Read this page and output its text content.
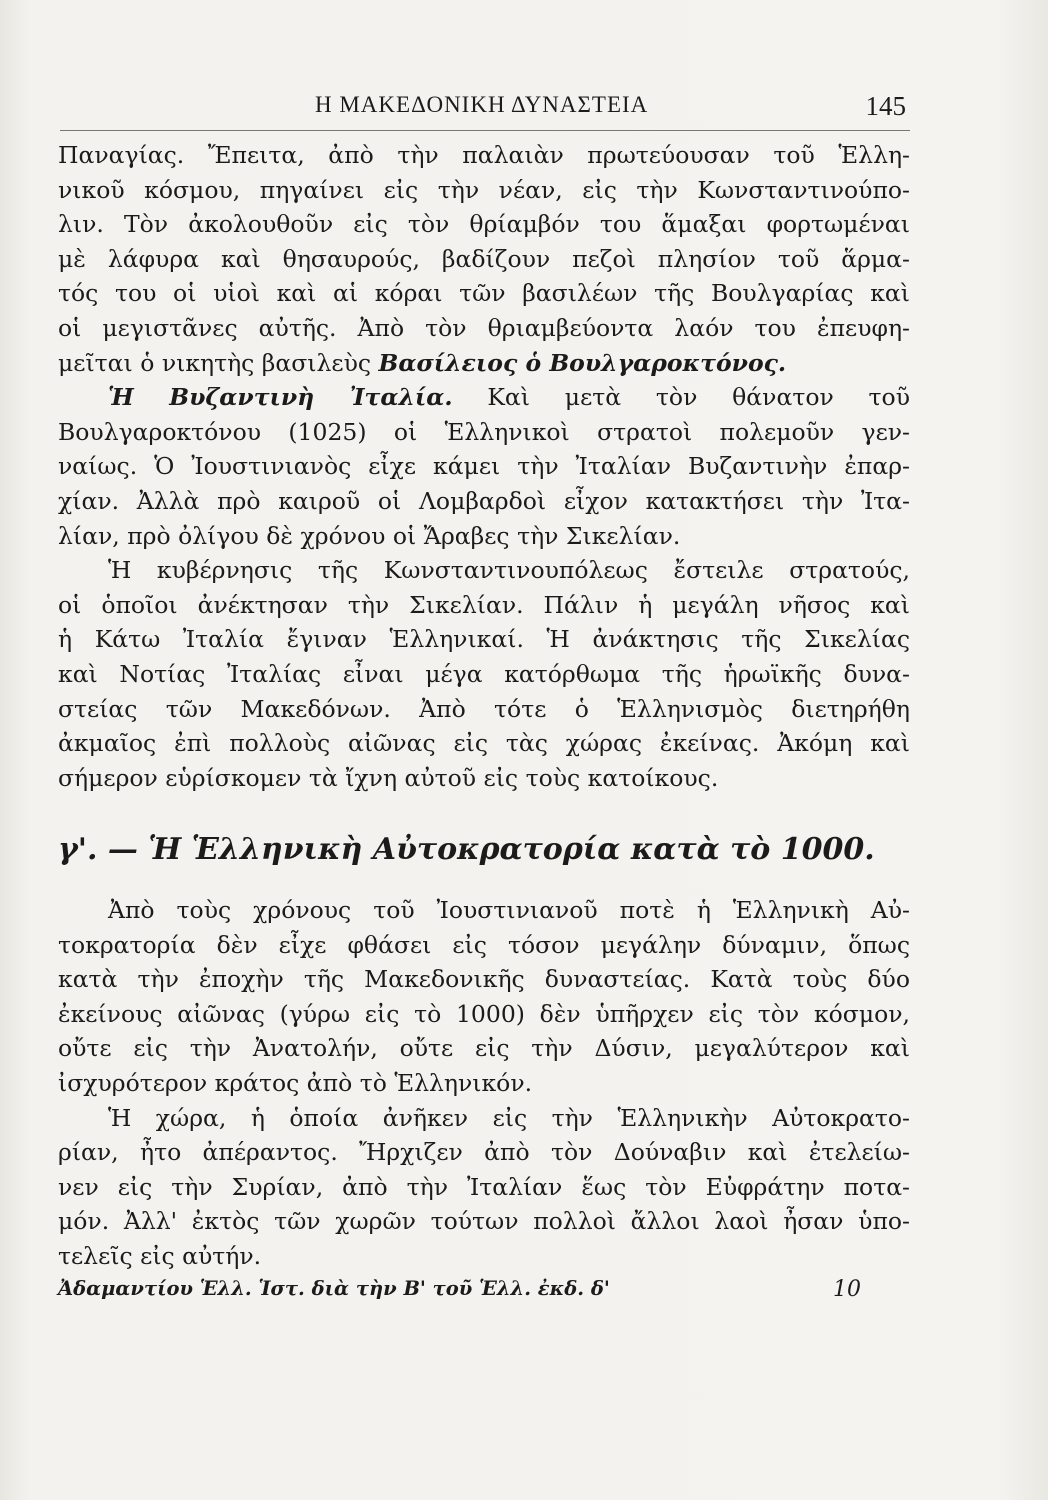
Η ΜΑΚΕΔΟΝΙΚΗ ΔΥΝΑΣΤΕΙΑ	145
Παναγίας. Ἔπειτα, ἀπὸ τὴν παλαιὰν πρωτεύουσαν τοῦ Ἑλλη-
νικοῦ κόσμου, πηγαίνει εἰς τὴν νέαν, εἰς τὴν Κωνσταντινούπο-
λιν. Τὸν ἀκολουθοῦν εἰς τὸν θρίαμβόν του ἅμαξαι φορτωμέναι
μὲ λάφυρα καὶ θησαυρούς, βαδίζουν πεζοὶ πλησίον τοῦ ἅρμα-
τός του οἱ υἱοὶ καὶ αἱ κόραι τῶν βασιλέων τῆς Βουλγαρίας καὶ
οἱ μεγιστᾶνες αὐτῆς. Ἀπὸ τὸν θριαμβεύοντα λαόν του ἐπευφη-
μεῖται ὁ νικητὴς βασιλεὺς Βασίλειος ὁ Βουλγαροκτόνος.
Ἡ Βυζαντινὴ Ἰταλία. Καὶ μετὰ τὸν θάνατον τοῦ
Βουλγαροκτόνου (1025) οἱ Ἑλληνικοὶ στρατοὶ πολεμοῦν γεν-
ναίως. Ὁ Ἰουστινιανὸς εἶχε κάμει τὴν Ἰταλίαν Βυζαντινὴν ἐπαρ-
χίαν. Ἀλλὰ πρὸ καιροῦ οἱ Λομβαρδοὶ εἶχον κατακτήσει τὴν Ἰτα-
λίαν, πρὸ ὀλίγου δὲ χρόνου οἱ Ἄραβες τὴν Σικελίαν.
Ἡ κυβέρνησις τῆς Κωνσταντινουπόλεως ἔστειλε στρατούς,
οἱ ὁποῖοι ἀνέκτησαν τὴν Σικελίαν. Πάλιν ἡ μεγάλη νῆσος καὶ
ἡ Κάτω Ἰταλία ἔγιναν Ἑλληνικαί. Ἡ ἀνάκτησις τῆς Σικελίας
καὶ Νοτίας Ἰταλίας εἶναι μέγα κατόρθωμα τῆς ἡρωϊκῆς δυνα-
στείας τῶν Μακεδόνων. Ἀπὸ τότε ὁ Ἑλληνισμὸς διετηρήθη
ἀκμαῖος ἐπὶ πολλοὺς αἰῶνας εἰς τὰς χώρας ἐκείνας. Ἀκόμη καὶ
σήμερον εὑρίσκομεν τὰ ἴχνη αὐτοῦ εἰς τοὺς κατοίκους.
γ'. — Ἡ Ἑλληνικὴ Αὐτοκρατορία κατὰ τὸ 1000.
Ἀπὸ τοὺς χρόνους τοῦ Ἰουστινιανοῦ ποτὲ ἡ Ἑλληνικὴ Αὐ-
τοκρατορία δὲν εἶχε φθάσει εἰς τόσον μεγάλην δύναμιν, ὅπως
κατὰ τὴν ἐποχὴν τῆς Μακεδονικῆς δυναστείας. Κατὰ τοὺς δύο
ἐκείνους αἰῶνας (γύρω εἰς τὸ 1000) δὲν ὑπῆρχεν εἰς τὸν κόσμον,
οὔτε εἰς τὴν Ἀνατολήν, οὔτε εἰς τὴν Δύσιν, μεγαλύτερον καὶ
ἰσχυρότερον κράτος ἀπὸ τὸ Ἑλληνικόν.
Ἡ χώρα, ἡ ὁποία ἀνῆκεν εἰς τὴν Ἑλληνικὴν Αὐτοκρατο-
ρίαν, ἦτο ἀπέραντος. Ἤρχιζεν ἀπὸ τὸν Δούναβιν καὶ ἐτελείω-
νεν εἰς τὴν Συρίαν, ἀπὸ τὴν Ἰταλίαν ἕως τὸν Εὐφράτην ποτα-
μόν. Ἀλλ' ἐκτὸς τῶν χωρῶν τούτων πολλοὶ ἄλλοι λαοὶ ἦσαν ὑπο-
τελεῖς εἰς αὐτήν.
Ἀδαμαντίου Ἑλλ. Ἱστ. διὰ τὴν Β' τοῦ Ἑλλ. ἐκδ. δ'	10
